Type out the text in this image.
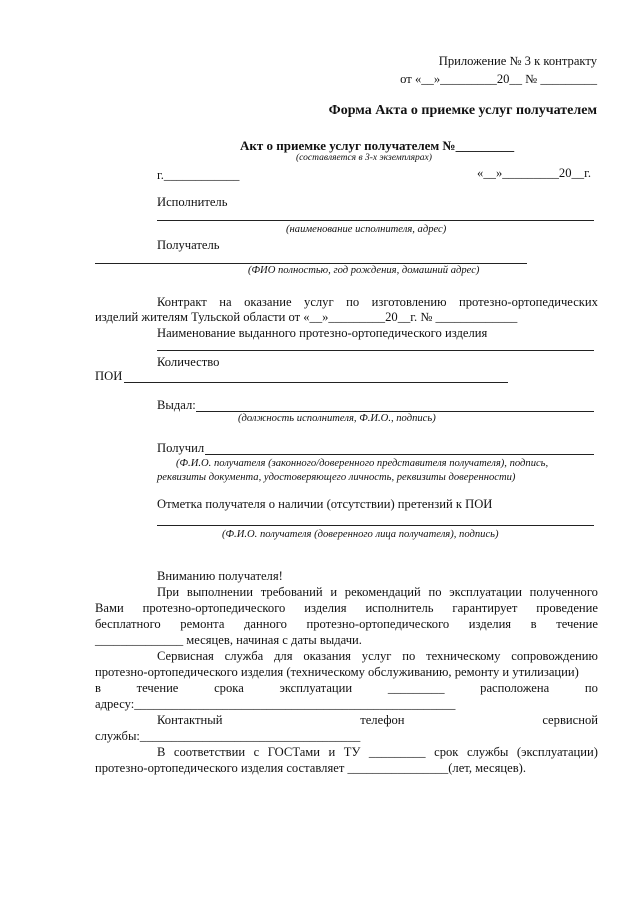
Приложение № 3 к контракту
от «__»_________20__ № _________
Форма Акта о приемке услуг получателем
Акт о приемке услуг получателем №_________
(составляется в 3-х экземплярах)
г.____________	«__»_________20__г.
Исполнитель
(наименование исполнителя, адрес)
Получатель
(ФИО полностью, год рождения, домашний адрес)
Контракт на оказание услуг по изготовлению протезно-ортопедических
изделий жителям Тульской области от «__»_________20__г. № _____________
Наименование выданного протезно-ортопедического изделия
Количество
ПОИ
Выдал:
(должность исполнителя, Ф.И.О., подпись)
Получил
(Ф.И.О. получателя (законного/доверенного представителя получателя), подпись,
реквизиты документа, удостоверяющего личность, реквизиты доверенности)
Отметка получателя о наличии (отсутствии) претензий к ПОИ
(Ф.И.О. получателя (доверенного лица получателя), подпись)
Вниманию получателя!
При выполнении требований и рекомендаций по эксплуатации полученного
Вами протезно-ортопедического изделия исполнитель гарантирует проведение
бесплатного ремонта данного протезно-ортопедического изделия в течение
______________ месяцев, начиная с даты выдачи.
Сервисная служба для оказания услуг по техническому сопровождению
протезно-ортопедического изделия (техническому обслуживанию, ремонту и утилизации)
в	течение	срока	эксплуатации	_________	расположена	по
адресу:___________________________________________________
Контактный	телефон	сервисной
службы:___________________________________
В соответствии с ГОСТами и ТУ _________ срок службы (эксплуатации)
протезно-ортопедического изделия составляет ________________(лет, месяцев).
